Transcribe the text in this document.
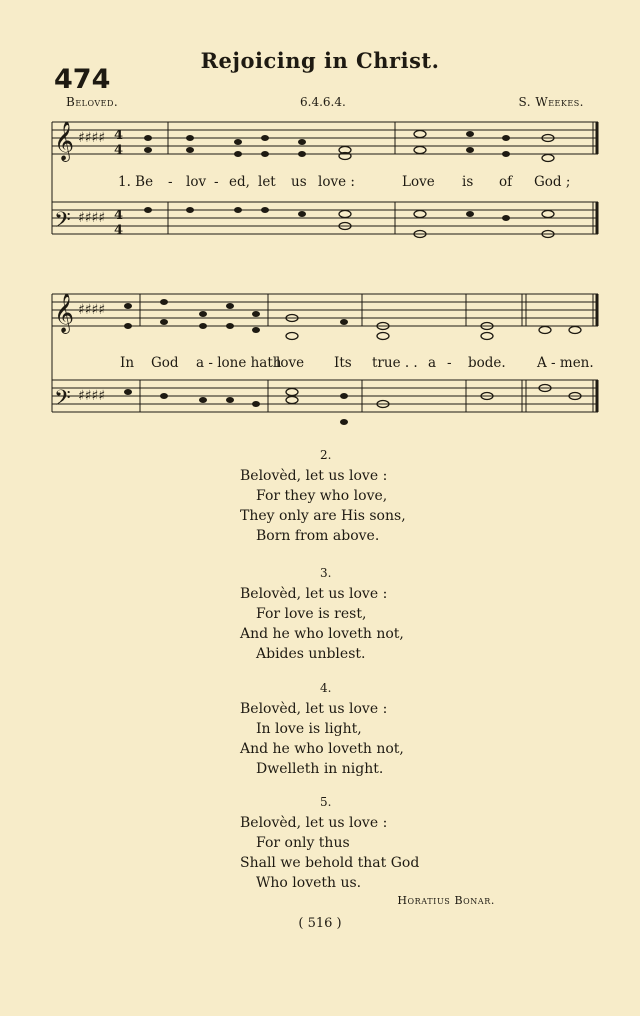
Rejoicing in Christ.
474
Beloved.	6.4.6.4.	S. Weekes.
𝄞
𝄢
♯♯♯♯
♯♯♯♯
4
4
4
4
1. Be - lov - ed, let us love :	Love is of God ;
𝄞
𝄢
♯♯♯♯
♯♯♯♯
In God a - lone hath
love Its true . . a - bode. A - men.
2.
Belovèd, let us love :
For they who love,
They only are His sons,
Born from above.
3.
Belovèd, let us love :
For love is rest,
And he who loveth not,
Abides unblest.
4.
Belovèd, let us love :
In love is light,
And he who loveth not,
Dwelleth in night.
5.
Belovèd, let us love :
For only thus
Shall we behold that God
Who loveth us.
Horatius Bonar.
( 516 )
